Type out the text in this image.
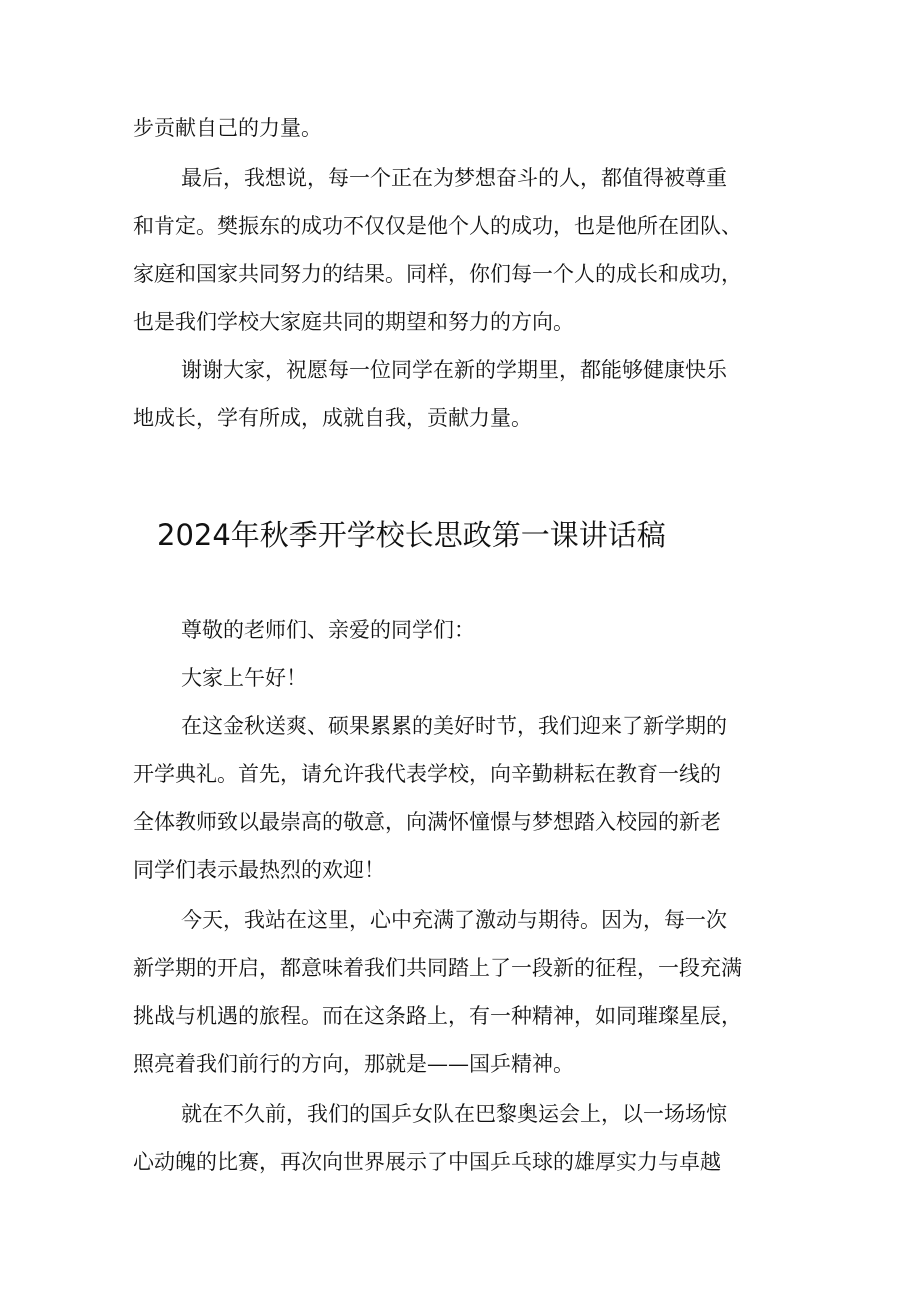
步贡献自己的力量。
最后，我想说，每一个正在为梦想奋斗的人，都值得被尊重
和肯定。樊振东的成功不仅仅是他个人的成功，也是他所在团队、
家庭和国家共同努力的结果。同样，你们每一个人的成长和成功，
也是我们学校大家庭共同的期望和努力的方向。
谢谢大家，祝愿每一位同学在新的学期里，都能够健康快乐
地成长，学有所成，成就自我，贡献力量。
2024年秋季开学校长思政第一课讲话稿
尊敬的老师们、亲爱的同学们：
大家上午好！
在这金秋送爽、硕果累累的美好时节，我们迎来了新学期的
开学典礼。首先，请允许我代表学校，向辛勤耕耘在教育一线的
全体教师致以最崇高的敬意，向满怀憧憬与梦想踏入校园的新老
同学们表示最热烈的欢迎！
今天，我站在这里，心中充满了激动与期待。因为，每一次
新学期的开启，都意味着我们共同踏上了一段新的征程，一段充满
挑战与机遇的旅程。而在这条路上，有一种精神，如同璀璨星辰，
照亮着我们前行的方向，那就是——国乒精神。
就在不久前，我们的国乒女队在巴黎奥运会上，以一场场惊
心动魄的比赛，再次向世界展示了中国乒乓球的雄厚实力与卓越
